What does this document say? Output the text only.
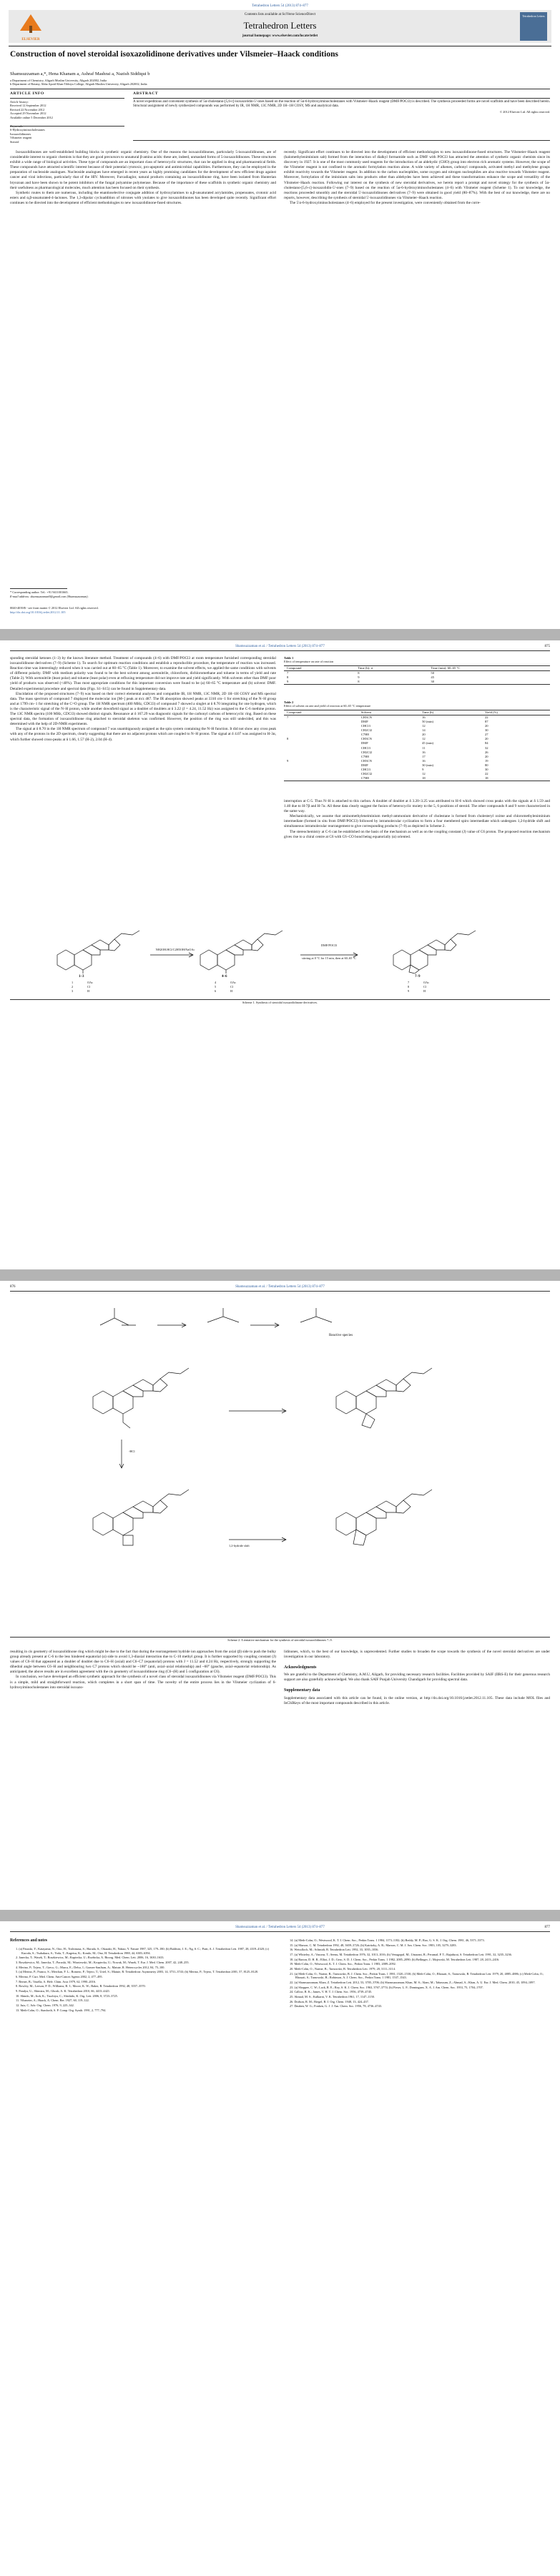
Tetrahedron Letters 54 (2013) 874–877
ELSEVIER
Contents lists available at SciVerse ScienceDirect
Tetrahedron Letters
journal homepage: www.elsevier.com/locate/tetlet
Tetrahedron Letters
Construction of novel steroidal isoxazolidinone derivatives under Vilsmeier–Haack conditions
Shamsuzzaman a,*, Hena Khanam a, Ashraf Mashrai a, Nazish Siddiqui b
a Department of Chemistry, Aligarh Muslim University, Aligarh 202002, India
b Department of Botany, Abha Apoid Khan Tibbiya College, Aligarh Muslim University, Aligarh 202002, India
ARTICLE INFO
Article history:
Received 12 September 2012
Revised 22 November 2012
Accepted 29 November 2012
Available online 5 December 2012
Keywords:
6-Hydroxyiminocholestanes
Isoxazolidinones
Vilsmeier reagent
Steroid
ABSTRACT
A novel expeditious and convenient synthesis of 5α-cholestano-[5,6-c]-isoxazolidin-5′-ones based on the reaction of 5α-6-hydroxyiminocholestanes with Vilsmeier–Haack reagent (DMF/POCl3) is described. The synthesis proceeded forms are novel scaffolds and have been described herein. Structural assignment of newly synthesized compounds was performed by IR, 1H NMR, 13C NMR, 2D 1H–1H COSY, MS and analytical data.
© 2012 Elsevier Ltd. All rights reserved.

Isoxazolidinones are well-established building blocks in synthetic organic chemistry. One of the reasons the isoxazolidinones, particularly 5-isoxazolidinones, are of considerable interest to organic chemists is that they are good precursors to unnatural β-amino acids: these are, indeed, unmasked forms of 5-isoxazolidinones. These structures exhibit a wide range of biological activities. These type of compounds are an important class of heterocyclic structures, that can be applied in drug and pharmaceutical fields. These compounds have attracted scientific interest because of their potential cytotoxic, pro-apoptotic and antimicrobial capabilities. Furthermore, they can be employed in the preparation of nucleoside analogues. Nucleoside analogues have emerged in recent years as highly promising candidates for the development of new efficient drugs against cancer and viral infections, particularly that of the HIV. Moreover, Furcadiaglor, natural products containing an isoxazolidinone ring, have been isolated from Hunterian bryozoan and have been shown to be potent inhibitors of the fungal polyamine polymerase. Because of the importance of these scaffolds in synthetic organic chemistry and their usefulness as pharmacological molecules, much attention has been focused on their synthesis.

Synthetic routes to them are numerous, including the enantioselective conjugate addition of hydroxylamines to α,β-unsaturated acrylamides, propenoates, crotonic acid esters and α,β-unsaturated-4-lactones. The 1,3-dipolar cycloaddition of nitrones with ynolates to give isoxazolidinones has been developed quite recently. Significant effort continues to be directed into the development of efficient methodologies to new isoxazolidinone-fused structures.

recently. Significant effort continues to be directed into the development of efficient methodologies to new isoxazolidinone-fused structures. The Vilsmeier–Haack reagent (halomethyleniminium salt) formed from the interaction of dialkyl formamide such as DMF with POCl3 has attracted the attention of synthetic organic chemists since its discovery in 1927. It is one of the most commonly used reagents for the introduction of an aldehydic (CHO) group into electron rich aromatic systems. However, the scope of the Vilsmeier reagent is not confined to the aromatic formylation reaction alone. A wide variety of alkenes, carbonyl compounds, activated methyl and methylene groups exhibit reactivity towards the Vilsmeier reagent. In addition to the carbon nucleophiles, some oxygen and nitrogen nucleophiles are also reactive towards Vilsmeier reagent. Moreover, formylation of the imininium salts into products other than aldehydes have been achieved and these transformations enhance the scope and versatility of the Vilsmeier–Haack reaction. Following our interest on the synthesis of new steroidal derivatives, we herein report a prompt and novel strategy for the synthesis of 5α-cholestano-[5,6-c]-isoxazolidin-5′-ones (7–9) based on the reaction of 5α-6-hydroxyiminocholestanes (4–6) with Vilsmeier reagent (Scheme 1). To our knowledge, the reactions proceeded smoothly and the steroidal 5′-isoxazolidinones derivatives (7–9) were obtained in good yield (80–87%). With the best of our knowledge, there are no reports, however, describing the synthesis of steroidal 5′-isoxazolidinones via Vilsmeier–Haack reaction.

The 5′α-6-hydroxyiminocholestanes (4–6) employed for the present investigation, were conveniently obtained from the corre-

* Corresponding author. Tel.: +91 9411001665.
E-mail address: shamsuzzaman9@gmail.com (Shamsuzzaman).
0040-4039/$ - see front matter © 2012 Elsevier Ltd. All rights reserved.
http://dx.doi.org/10.1016/j.tetlet.2012.11.105
Shamsuzzaman et al. / Tetrahedron Letters 54 (2013) 874–877	875

sponding steroidal ketones (1–3) by the known literature method. Treatment of compounds (4–6) with DMF/POCl3 at room temperature furnished corresponding steroidal isoxazolidinone derivatives (7–9) (Scheme 1). To search for optimum reaction conditions and establish a reproducible procedure, the temperature of reaction was increased. Reaction time was interestingly reduced when it was carried out at 60–65 °C (Table 1). Moreover, to examine the solvent effects, we applied the same conditions with solvents of different polarity. DMF with medium polarity was found to be the best solvent among acetonitrile, chloroform, dichloromethane and toluene in terms of yield and rate (Table 2). With acetonitrile (least polar) and toluene (least polar) even at refluxing temperature did not improve rate and yield significantly. With solvents other than DMF poor yield of products was observed (<40%). Thus most appropriate conditions for this important conversion were found to be (a) 60–65 °C temperature and (b) solvent: DMF. Detailed experimental procedure and spectral data (Figs. S1–S15) can be found in Supplementary data.

Elucidation of the proposed structures (7–9) was based on their correct elemental analyses and compatible IR, 1H NMR, 13C NMR, 2D 1H–1H COSY and MS spectral data. The mass spectrum of compound 7 displayed the molecular ion [M+] peak at m/z 487. The IR absorption showed peaks at 3310 cm−1 for stretching of the N–H group and at 1799 cm−1 for stretching of the C=O group. The 1H NMR spectrum (400 MHz, CDCl3) of compound 7 showed a singlet at δ 8.70 integrating for one hydrogen, which is the characteristic signal of the N–H proton, while another downfield signal as a doublet of doublets at δ 3.22 (J = 4.24, 11.52 Hz) was assigned to the C-6 methine proton. The 13C NMR spectra (100 MHz, CDCl3) showed distinct signals. Resonance at δ 167.29 was diagnostic signals for the carbonyl carbons of heterocyclic ring. Based on these spectral data, the formation of isoxazolidinone ring attached to steroidal skeleton was confirmed. However, the position of the ring was still undecided, and this was determined with the help of 2D-NMR experiments.

The signal at δ 8.70 in the 1H NMR spectrum of compound 7 was unambiguously assigned as the spin system containing the N–H function. It did not show any cross peak with any of the protons in the 2D spectrum, clearly suggesting that there are no adjacent protons which are coupled to N–H proton. The signal at δ 4.07 was assigned to H-3α, which further showed cross-peaks at δ 1.66, 1.57 (H-2), 2.04 (H-4).

Table 1
Effect of temperature on rate of reaction
Compound	Time (h): rt	Time (min): 60–65 °C
7	8	50
8	9	45
9	8	30
Table 2
Effect of solvent on rate and yield of reaction at 60–65 °C temperature
Compound	Solvent	Time (h)	Yield (%)
7	CH3CN	16	22
	DMF	50 (min)	87
	CHCl3	12	20
	CH2Cl2	14	30
	C7H8	20	27
8	CH3CN	12	20
	DMF	45 (min)	84
	CHCl3	11	32
	CH2Cl2	16	26
	C7H8	17	20
9	CH3CN	16	19
	DMF	30 (min)	80
	CHCl3	9	30
	CH2Cl2	12	22
	C7H8	18	18

interruption at C-5. Thus N–H is attached to this carbon. A doublet of doublet at δ 3.20–3.25 was attributed to H-6 which showed cross peaks with the signals at δ 1.59 and 1.40 due to H-7β and H-7α. All these data clearly suggest the fusion of heterocyclic moiety to the 5, 6 positions of steroid. The other compounds 8 and 9 were characterized in the same way.

Mechanistically, we assume that aminomethyleneiminium methyl-ammonium derivative of cholestane is formed from cholesteryl oxime and chloromethyleniminium intermediate (formed in situ from DMF/POCl3) followed by intramolecular cyclization to form a four membered spiro intermediate which undergoes 1,2-hydride shift and simultaneous intramolecular rearrangement to give corresponding products (7–9) as depicted in Scheme 2.

The stereochemistry at C-6 can be established on the basis of the mechanism as well as on the coupling constant (J) value of C6 proton. The proposed reaction mechanism gives rise to a chiral centre at C6 with C6–CO bond being equatorially (α) oriented.

NH2OH.HCl/C2H5OH/NaOAc
DMF/POCl3
stirring at 0 °C for 15 min, then at 60–65 °C
1–3	4–6	7–9
1	OAc	4	OAc	7	OAc
2	Cl	5	Cl	8	Cl
3	H	6	H	9	H
Scheme 1. Synthesis of steroidal isoxazolidinone derivatives.
Shamsuzzaman et al. / Tetrahedron Letters 54 (2013) 874–877
876
Reactive species
-HCl
1,2-hydride shift
Scheme 2. A tentative mechanism for the synthesis of steroidal isoxazolidinones 7–9.

resulting in cis geometry of isoxazolidinone ring which might be due to the fact that during the rearrangement hydride ion approaches from the axial (β) side to push the bulky group already present at C-6 to the less hindered equatorial (α) side to avoid 1,3-diaxial interaction due to C-10 methyl group. It is further supported by coupling constant (J) values of C6–H that appeared as a doublet of doublet due to C6–H (axial) and C6–C7 (equatorial) protons with J = 11.52 and 4.24 Hz, respectively, strongly supporting the dihedral angle between C6–H and neighbouring two C7 protons which should be ~180° (anti, axial–axial relationship) and ~60° (gauche, axial–equatorial relationship). As anticipated, the above results are in excellent agreement with the cis geometry of isoxazolidinone ring (C6–(H) and 5 configuration at C6).

In conclusion, we have developed an efficient synthetic approach for the synthesis of a novel class of steroidal isoxazolidinones via Vilsmeier reagent (DMF/POCl3). This is a simple, mild and straightforward reaction, which completes in a short span of time. The novelty of the entire process lies in the Vilsmeier cyclization of 6-hydroxyiminocholestanes into steroidal isoxazo-

lidinones, which, to the best of our knowledge, is unprecedented. Further studies to broaden the scope towards the synthesis of the novel steroidal derivatives are under investigation in our laboratory.

Acknowledgments

We are grateful to the Department of Chemistry, A.M.U, Aligarh, for providing necessary research facilities. Facilities provided by SAIF (IIRS-E) for their generous research support are also gratefully acknowledged. We also thank SAIF Punjab University Chandigarh for providing spectral data.

Supplementary data

Supplementary data associated with this article can be found, in the online version, at http://dx.doi.org/10.1016/j.tetlet.2012.11.105. These data include MOL files and InChIKeys of the most important compounds described in this article.

Shamsuzzaman et al. / Tetrahedron Letters 54 (2013) 874–877	877
References and notes
1. (a) Pasuski, Y.; Katayama, N.; Ono, H.; Toshimasa, S.; Harada, S.; Okazaki, H.; Nakao, Y. Nature 1987, 325, 179–180; (b) Baldwin, J. E.; Ng, S. C.; Pratt, A. J. Tetrahedron Lett. 1987, 28, 4319–4320; (c) Kuroda, S.; Tsubakura, S.; Yoda, T.; Kagetsu, K.; Kondo, M.; Ono, H. Tetrahedron 1988, 44, 6383–6394.
2. Janecka, T.; Wasek, T.; Roszkiewicz, M.; Kupiecka, U.; Rozbicka, A. Bioorg. Med. Chem. Lett. 2006, 16, 1630–1633.
3. Roszkiewicz, M.; Janecka, T.; Pacuski, M.; Wisniewski, M.; Krupiecka, U.; Nowak, M.; Wasek, T. Eur. J. Med. Chem. 2007, 42, 248–255.
4. Merino, P.; Tejero, T.; Greco, G.; Marca, E.; Delso, I.; Gomez-SanJuan, A.; Matute, R. Heterocycles 2012, 84, 75–100.
5. (a) Merino, P.; Franco, S.; Merchan, F. L.; Romero, P.; Tejero, T.; Uriel, S.; Matute, R. Tetrahedron: Asymmetry 2003, 14, 3731–3743; (b) Merino, P.; Tejero, T. Tetrahedron 2001, 57, 8125–8128.
6. Merino, P. Curr. Med. Chem. Anti-Cancer Agents 2002, 2, 477–495.
7. Bernet, B.; Vasella, A. Helv. Chim. Acta 1979, 62, 1990–2016.
8. Rowley, M.; Leeson, P. D.; Williams, B. J.; Moore, K. W.; Baker, R. Tetrahedron 1992, 48, 3557–3570.
9. Pandya, U.; Shimizu, M.; Ghosh, A. K. Tetrahedron 2010, 66, 4413–4421.
10. Shindo, M.; Itoh, K.; Tsuchiya, C.; Shishido, K. Org. Lett. 2006, 8, 3723–3725.
11. Vilsmeier, A.; Haack, A. Chem. Ber. 1927, 60, 119–122.
12. Jutz, C. Adv. Org. Chem. 1976, 9, 225–342.
13. Meth-Cohn, O.; Stanforth, S. P. Comp. Org. Synth. 1991, 2, 777–794.
14. (a) Meth-Cohn, O.; Westwood, K. T. J. Chem. Soc., Perkin Trans. 1 1984, 1173–1182; (b) Reddy, M. P.; Rao, G. S. K. J. Org. Chem. 1981, 46, 5371–5373.
15. (a) Marson, C. M. Tetrahedron 1992, 48, 3659–3726; (b) Katritzky, A. R.; Marson, C. M. J. Am. Chem. Soc. 1983, 105, 3279–3283.
16. Weissfloch, M.; Schmidt, R. Tetrahedron Lett. 1992, 33, 1035–1036.
17. (a) Whiteley, A.; Vasseur, T.; Seenu, M. Tetrahedron 1976, 32, 1013–1016; (b) Venugopal, M.; Umarani, R.; Perumal, P. T.; Rajadurai, S. Tetrahedron Lett. 1991, 32, 3235–3236.
18. (a) Barton, D. H. R.; Elliot, J. D.; Gero, S. D. J. Chem. Soc., Perkin Trans. 1 1982, 2085–2090; (b) Bellinger, J.; Majewski, M. Tetrahedron Lett. 1987, 28, 2413–2416.
19. Meth-Cohn, O.; Westwood, K. T. J. Chem. Soc., Perkin Trans. 1 1983, 2089–2092.
20. Meth-Cohn, O.; Narine, B.; Tarnowski, B. Tetrahedron Lett. 1979, 20, 3111–3114.
21. (a) Meth-Cohn, O.; Narine, B.; Tarnowski, B. J. Chem. Soc., Perkin Trans. 1 1981, 1520–1530; (b) Meth-Cohn, O.; Rhouati, S.; Tarnowski, B. Tetrahedron Lett. 1979, 20, 4885–4886; (c) Meth-Cohn, O.; Rhouati, S.; Tarnowski, B.; Robinson, A. J. Chem. Soc., Perkin Trans. 1 1981, 1537–1543.
22. (a) Shamsuzzaman; Khan, Z. Tetrahedron Lett. 2012, 53, 3705–3706; (b) Shamsuzzaman; Khan, M. S.; Alam, M.; Tabassum, Z.; Ahmad, A.; Khan, A. U. Eur. J. Med. Chem. 2010, 45, 1094–1097.
23. (a) Shoppee, C. W.; Lack, R. E.; Roy, S. K. J. Chem. Soc. 1963, 3767–3774; (b) Fieser, L. F.; Dominguez, X. A. J. Am. Chem. Soc. 1953, 75, 1704–1707.
24. Callow, R. K.; James, V. H. T. J. Chem. Soc. 1956, 4739–4745.
25. Ahmad, M. S.; Kulkarni, V. K. Tetrahedron 1961, 17, 1147–1150.
26. Dodson, R. M.; Riegel, B. J. Org. Chem. 1948, 13, 424–437.
27. Dauben, W. G.; Fonken, G. J. J. Am. Chem. Soc. 1956, 78, 4736–4743.
